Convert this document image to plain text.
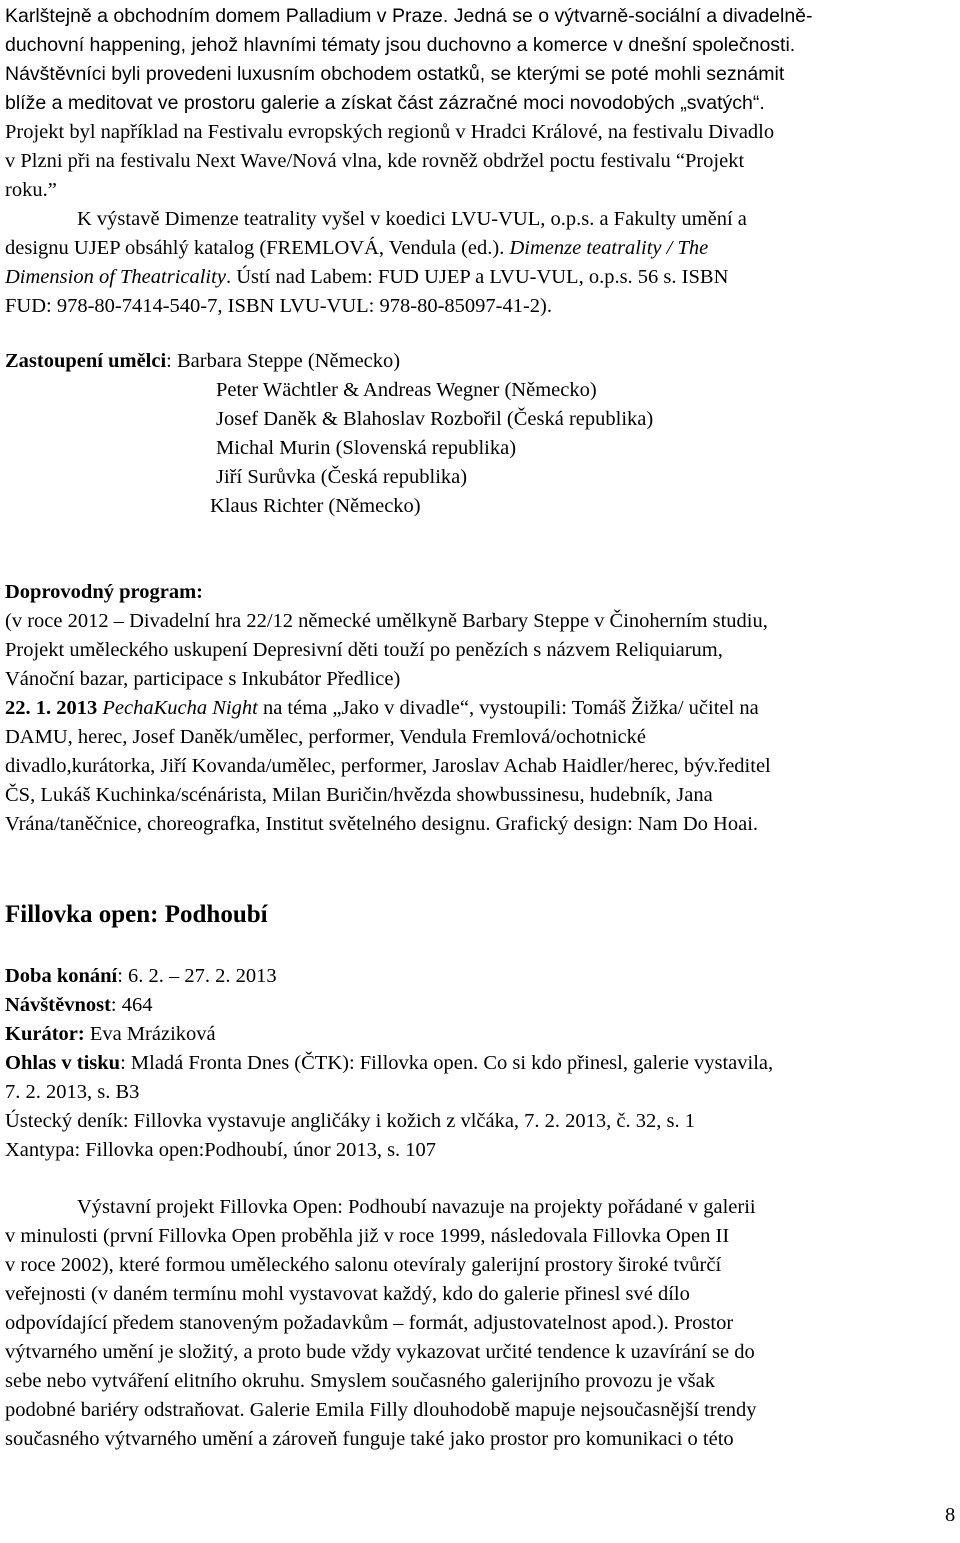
Karlštejně a obchodním domem Palladium v Praze. Jedná se o výtvarně-sociální a divadelně-
duchovní happening, jehož hlavními tématy jsou duchovno a komerce v dnešní společnosti.
Návštěvníci byli provedeni luxusním obchodem ostatků, se kterými se poté mohli seznámit
blíže a meditovat ve prostoru galerie a získat část zázračné moci novodobých „svatých“.
Projekt byl například na Festivalu evropských regionů v Hradci Králové, na festivalu Divadlo
v Plzni při na festivalu Next Wave/Nová vlna, kde rovněž obdržel poctu festivalu “Projekt
roku.”
K výstavě Dimenze teatrality vyšel v koedici LVU-VUL, o.p.s. a Fakulty umění a
designu UJEP obsáhlý katalog (FREMLOVÁ, Vendula (ed.). Dimenze teatrality / The
Dimension of Theatricality. Ústí nad Labem: FUD UJEP a LVU-VUL, o.p.s. 56 s. ISBN
FUD: 978-80-7414-540-7, ISBN LVU-VUL: 978-80-85097-41-2).
Zastoupení umělci: Barbara Steppe (Německo)
Peter Wächtler & Andreas Wegner (Německo)
Josef Daněk & Blahoslav Rozbořil (Česká republika)
Michal Murin (Slovenská republika)
Jiří Surůvka (Česká republika)
Klaus Richter (Německo)
Doprovodný program:
(v roce 2012 – Divadelní hra 22/12 německé umělkyně Barbary Steppe v Činoherním studiu,
Projekt uměleckého uskupení Depresivní děti touží po penězích s názvem Reliquiarum,
Vánoční bazar, participace s Inkubátor Předlice)
22. 1. 2013 PechaKucha Night na téma „Jako v divadle“, vystoupili: Tomáš Žižka/ učitel na
DAMU, herec, Josef Daněk/umělec, performer, Vendula Fremlová/ochotnické
divadlo,kurátorka, Jiří Kovanda/umělec, performer, Jaroslav Achab Haidler/herec, býv.ředitel
ČS, Lukáš Kuchinka/scénárista, Milan Buričin/hvězda showbussinesu, hudebník, Jana
Vrána/taněčnice, choreografka, Institut světelného designu. Grafický design: Nam Do Hoai.
Fillovka open: Podhoubí
Doba konání: 6. 2. – 27. 2. 2013
Návštěvnost: 464
Kurátor: Eva Mráziková
Ohlas v tisku: Mladá Fronta Dnes (ČTK): Fillovka open. Co si kdo přinesl, galerie vystavila,
7. 2. 2013, s. B3
Ústecký deník: Fillovka vystavuje angličáky i kožich z vlčáka, 7. 2. 2013, č. 32, s. 1
Xantypa: Fillovka open:Podhoubí, únor 2013, s. 107
Výstavní projekt Fillovka Open: Podhoubí navazuje na projekty pořádané v galerii
v minulosti (první Fillovka Open proběhla již v roce 1999, následovala Fillovka Open II
v roce 2002), které formou uměleckého salonu otevíraly galerijní prostory široké tvůrčí
veřejnosti (v daném termínu mohl vystavovat každý, kdo do galerie přinesl své dílo
odpovídající předem stanoveným požadavkům – formát, adjustovatelnost apod.). Prostor
výtvarného umění je složitý, a proto bude vždy vykazovat určité tendence k uzavírání se do
sebe nebo vytváření elitního okruhu. Smyslem současného galerijního provozu je však
podobné bariéry odstraňovat. Galerie Emila Filly dlouhodobě mapuje nejsoučasnější trendy
současného výtvarného umění a zároveň funguje také jako prostor pro komunikaci o této
8
